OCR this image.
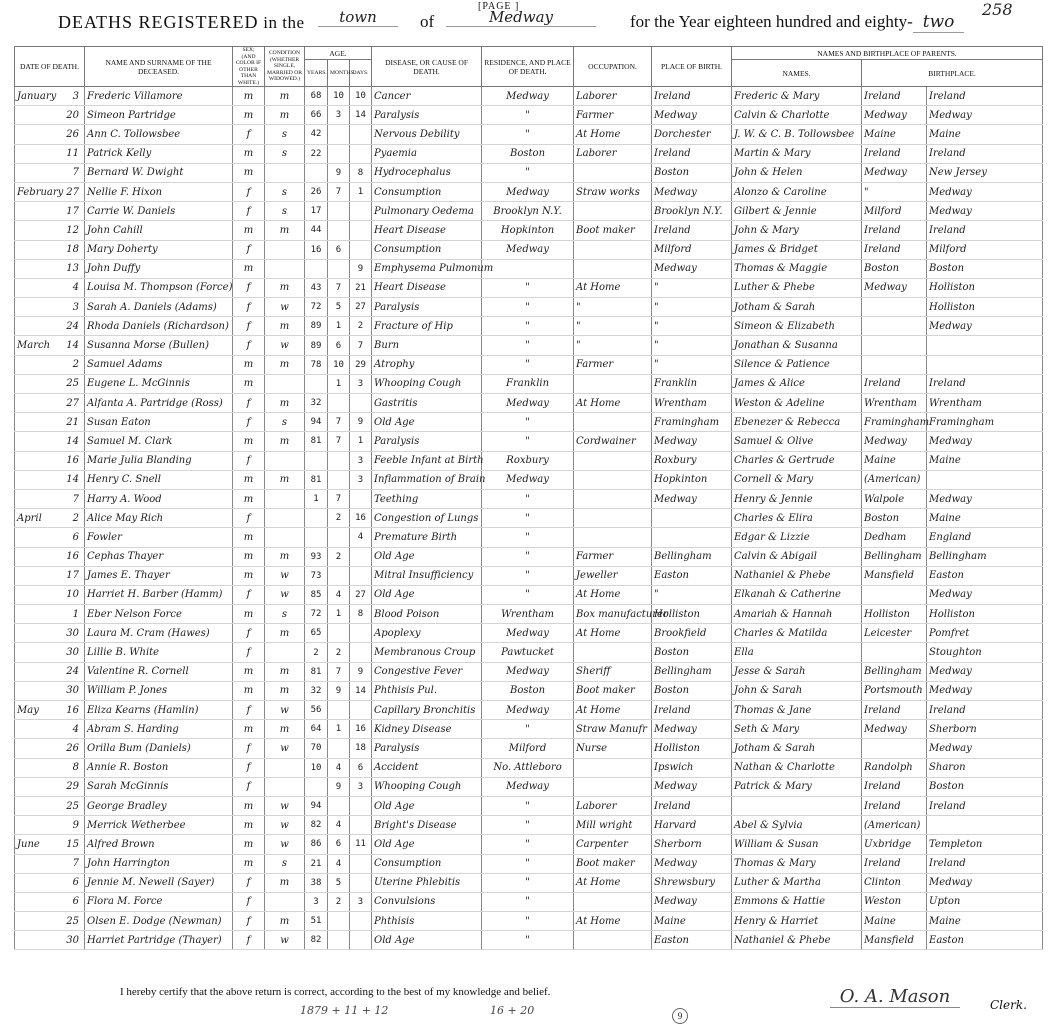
[PAGE ]
DEATHS REGISTERED in the	town	of	Medway	for the Year eighteen hundred and eighty- two
258
DATE OF DEATH.	NAME AND SURNAME OF THE DECEASED.	SEX; (AND COLOR IF OTHER THAN WHITE.)	CONDITION (WHETHER SINGLE, MARRIED OR WIDOWED.)	AGE.			DISEASE, OR CAUSE OF DEATH.	RESIDENCE, AND PLACE OF DEATH.	OCCUPATION.	PLACE OF BIRTH.	NAMES AND BIRTHPLACE OF PARENTS.		
				YEARS.	MONTHS.	DAYS.					NAMES.	BIRTHPLACE.	

January 3	Frederic Villamore	m	m	68	10	10	Cancer	Medway	Laborer	Ireland	Frederic & Mary	Ireland	Ireland
20	Simeon Partridge	m	m	66	3	14	Paralysis	"	Farmer	Medway	Calvin & Charlotte	Medway	Medway
26	Ann C. Tollowsbee	f	s	42			Nervous Debility	"	At Home	Dorchester	J. W. & C. B. Tollowsbee	Maine	Maine
11	Patrick Kelly	m	s	22			Pyaemia	Boston	Laborer	Ireland	Martin & Mary	Ireland	Ireland
7	Bernard W. Dwight	m			9	8	Hydrocephalus	"		Boston	John & Helen	Medway	New Jersey
February 27	Nellie F. Hixon	f	s	26	7	1	Consumption	Medway	Straw works	Medway	Alonzo & Caroline	"	Medway
17	Carrie W. Daniels	f	s	17			Pulmonary Oedema	Brooklyn N.Y.		Brooklyn N.Y.	Gilbert & Jennie	Milford	Medway
12	John Cahill	m	m	44			Heart Disease	Hopkinton	Boot maker	Ireland	John & Mary	Ireland	Ireland
18	Mary Doherty	f		16	6		Consumption	Medway		Milford	James & Bridget	Ireland	Milford
13	John Duffy	m				9	Emphysema Pulmonum			Medway	Thomas & Maggie	Boston	Boston
4	Louisa M. Thompson (Force)	f	m	43	7	21	Heart Disease	"	At Home	"	Luther & Phebe	Medway	Holliston
3	Sarah A. Daniels (Adams)	f	w	72	5	27	Paralysis	"	"	"	Jotham & Sarah		Holliston
24	Rhoda Daniels (Richardson)	f	m	89	1	2	Fracture of Hip	"	"	"	Simeon & Elizabeth		Medway
March 14	Susanna Morse (Bullen)	f	w	89	6	7	Burn	"	"	"	Jonathan & Susanna		
2	Samuel Adams	m	m	78	10	29	Atrophy	"	Farmer	"	Silence & Patience		
25	Eugene L. McGinnis	m			1	3	Whooping Cough	Franklin		Franklin	James & Alice	Ireland	Ireland
27	Alfanta A. Partridge (Ross)	f	m	32			Gastritis	Medway	At Home	Wrentham	Weston & Adeline	Wrentham	Wrentham
21	Susan Eaton	f	s	94	7	9	Old Age	"		Framingham	Ebenezer & Rebecca	Framingham	Framingham
14	Samuel M. Clark	m	m	81	7	1	Paralysis	"	Cordwainer	Medway	Samuel & Olive	Medway	Medway
16	Marie Julia Blanding	f				3	Feeble Infant at Birth	Roxbury		Roxbury	Charles & Gertrude	Maine	Maine
14	Henry C. Snell	m	m	81		3	Inflammation of Brain	Medway		Hopkinton	Cornell & Mary	(American)	
7	Harry A. Wood	m		1	7		Teething	"		Medway	Henry & Jennie	Walpole	Medway
April 2	Alice May Rich	f			2	16	Congestion of Lungs	"			Charles & Elira	Boston	Maine
6	Fowler	m				4	Premature Birth	"			Edgar & Lizzie	Dedham	England
16	Cephas Thayer	m	m	93	2		Old Age	"	Farmer	Bellingham	Calvin & Abigail	Bellingham	Bellingham
17	James E. Thayer	m	w	73			Mitral Insufficiency	"	Jeweller	Easton	Nathaniel & Phebe	Mansfield	Easton
10	Harriet H. Barber (Hamm)	f	w	85	4	27	Old Age	"	At Home	"	Elkanah & Catherine		Medway
1	Eber Nelson Force	m	s	72	1	8	Blood Poison	Wrentham	Box manufacturer	Holliston	Amariah & Hannah	Holliston	Holliston
30	Laura M. Cram (Hawes)	f	m	65			Apoplexy	Medway	At Home	Brookfield	Charles & Matilda	Leicester	Pomfret
30	Lillie B. White	f		2	2		Membranous Croup	Pawtucket		Boston	Ella		Stoughton
24	Valentine R. Cornell	m	m	81	7	9	Congestive Fever	Medway	Sheriff	Bellingham	Jesse & Sarah	Bellingham	Medway
30	William P. Jones	m	m	32	9	14	Phthisis Pul.	Boston	Boot maker	Boston	John & Sarah	Portsmouth	Medway
May 16	Eliza Kearns (Hamlin)	f	w	56			Capillary Bronchitis	Medway	At Home	Ireland	Thomas & Jane	Ireland	Ireland
4	Abram S. Harding	m	m	64	1	16	Kidney Disease	"	Straw Manufr	Medway	Seth & Mary	Medway	Sherborn
26	Orilla Bum (Daniels)	f	w	70		18	Paralysis	Milford	Nurse	Holliston	Jotham & Sarah		Medway
8	Annie R. Boston	f		10	4	6	Accident	No. Attleboro		Ipswich	Nathan & Charlotte	Randolph	Sharon
29	Sarah McGinnis	f			9	3	Whooping Cough	Medway		Medway	Patrick & Mary	Ireland	Boston
25	George Bradley	m	w	94			Old Age	"	Laborer	Ireland		Ireland	Ireland
9	Merrick Wetherbee	m	w	82	4		Bright's Disease	"	Mill wright	Harvard	Abel & Sylvia	(American)	
June 15	Alfred Brown	m	w	86	6	11	Old Age	"	Carpenter	Sherborn	William & Susan	Uxbridge	Templeton
7	John Harrington	m	s	21	4		Consumption	"	Boot maker	Medway	Thomas & Mary	Ireland	Ireland
6	Jennie M. Newell (Sayer)	f	m	38	5		Uterine Phlebitis	"	At Home	Shrewsbury	Luther & Martha	Clinton	Medway
6	Flora M. Force	f		3	2	3	Convulsions	"		Medway	Emmons & Hattie	Weston	Upton
25	Olsen E. Dodge (Newman)	f	m	51			Phthisis	"	At Home	Maine	Henry & Harriet	Maine	Maine
30	Harriet Partridge (Thayer)	f	w	82			Old Age	"		Easton	Nathaniel & Phebe	Mansfield	Easton
I hereby certify that the above return is correct, according to the best of my knowledge and belief.
1879 + 11 + 12	16 + 20	9
O. A. Mason	Clerk.
